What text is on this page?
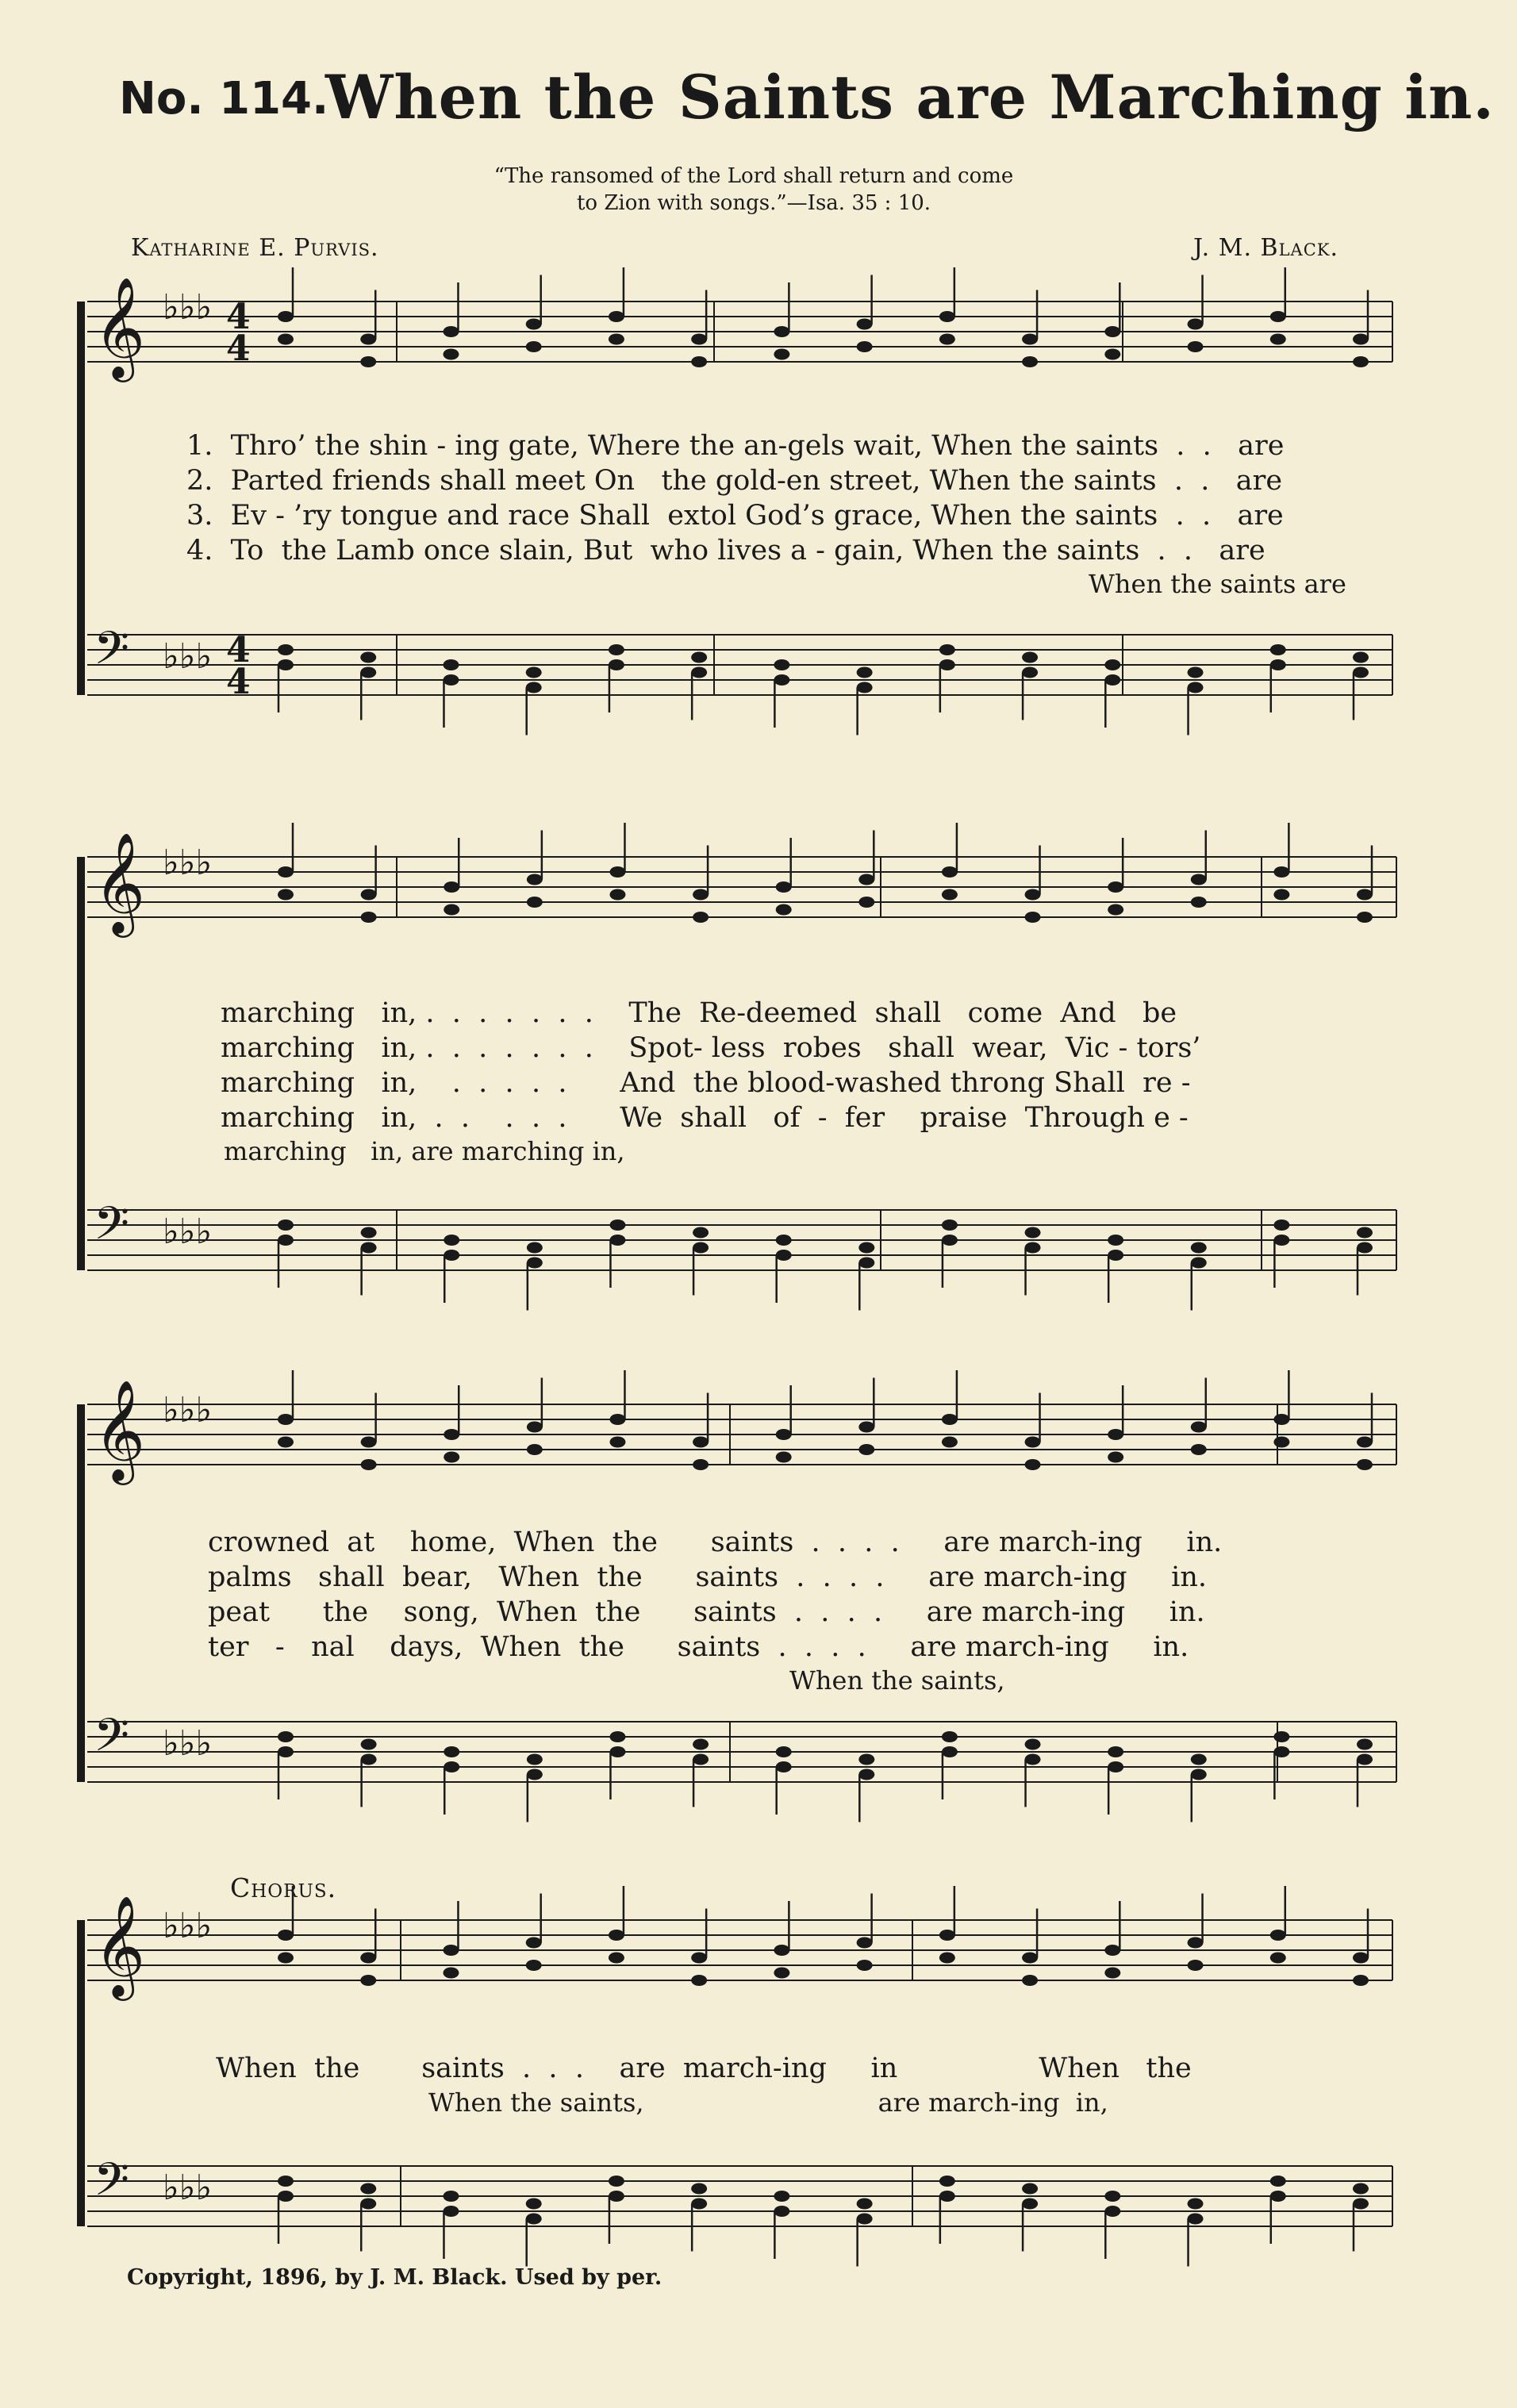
No. 114.
When the Saints are Marching in.
“The ransomed of the Lord shall return and come
to Zion with songs.”—Isa. 35 : 10.
Katharine E. Purvis.	J. M. Black.
𝄞 ♭♭♭ 4
4
𝄢 ♭♭♭ 4
4
𝄞 ♭♭♭
𝄢 ♭♭♭
𝄞 ♭♭♭
𝄢 ♭♭♭
𝄞 ♭♭♭
𝄢 ♭♭♭
1.  Thro’ the shin - ing gate, Where the an-gels wait, When the saints  .  .   are
2.  Parted friends shall meet On   the gold-en street, When the saints  .  .   are
3.  Ev - ’ry tongue and race Shall  extol God’s grace, When the saints  .  .   are
4.  To  the Lamb once slain, But  who lives a - gain, When the saints  .  .   are
When the saints are
marching   in, .  .  .  .  .  .  .    The  Re-deemed  shall   come  And   be
marching   in, .  .  .  .  .  .  .    Spot- less  robes   shall  wear,  Vic - tors’
marching   in,    .  .  .  .  .      And  the blood-washed throng Shall  re -
marching   in,  .  .    .  .  .      We  shall   of  -  fer    praise  Through e -
marching   in, are marching in,
crowned  at    home,  When  the      saints  .  .  .  .     are march-ing     in.
palms   shall  bear,   When  the      saints  .  .  .  .     are march-ing     in.
peat      the    song,  When  the      saints  .  .  .  .     are march-ing     in.
ter   -   nal    days,  When  the      saints  .  .  .  .     are march-ing     in.
When the saints,
Chorus.
When  the       saints  .  .  .    are  march-ing     in                When   the
When the saints,                             are march-ing  in,
Copyright, 1896, by J. M. Black. Used by per.
